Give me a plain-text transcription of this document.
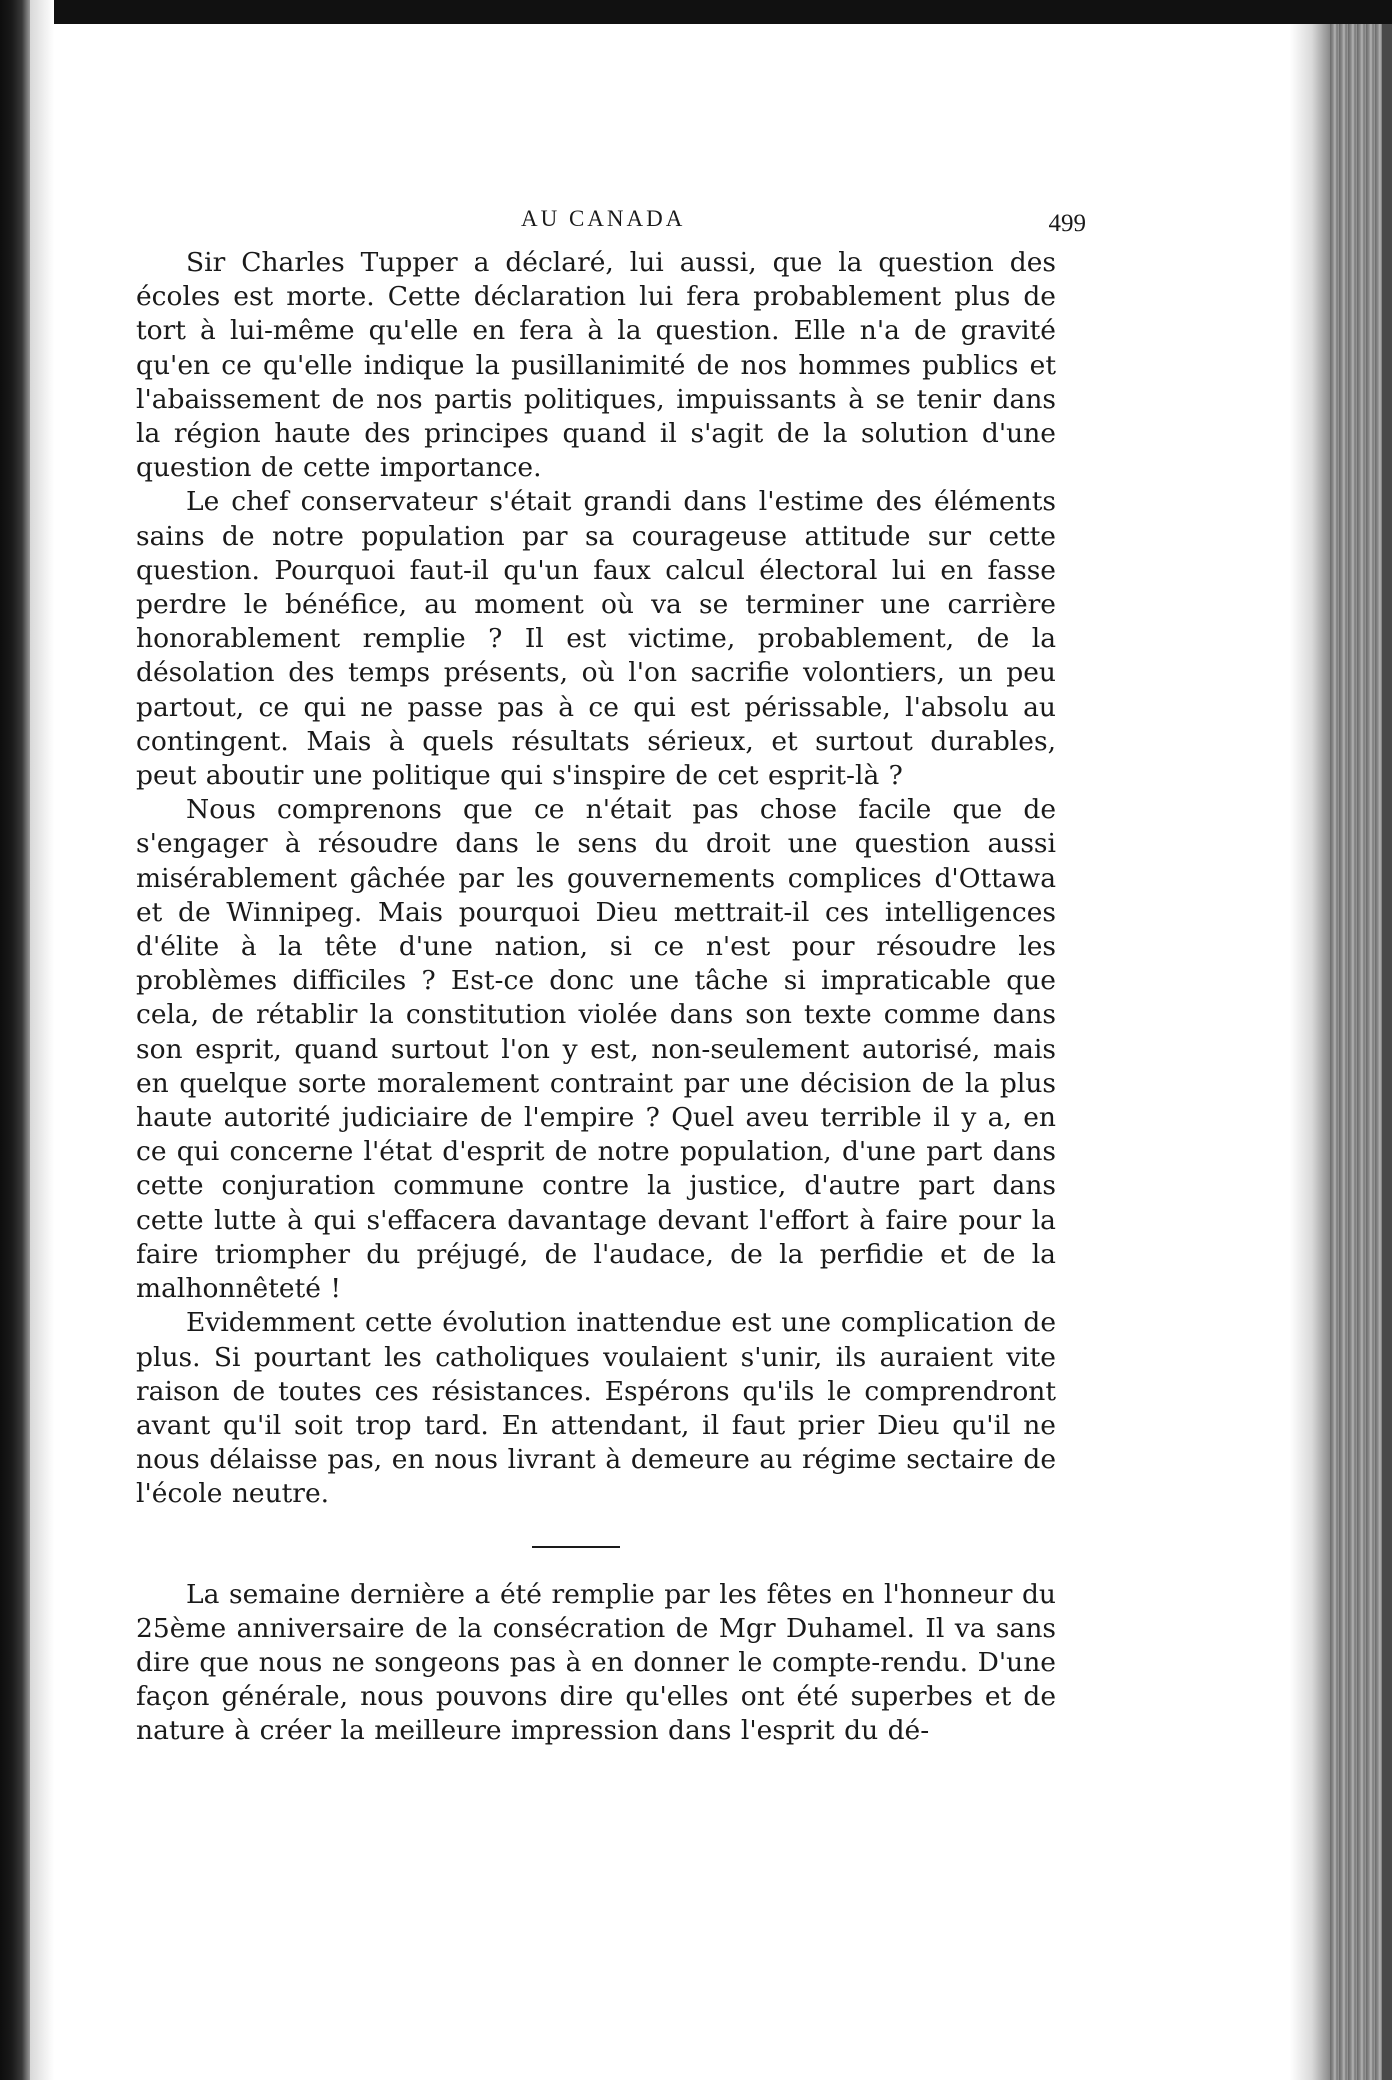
AU CANADA	499

Sir Charles Tupper a déclaré, lui aussi, que la question des écoles est morte. Cette déclaration lui fera probablement plus de tort à lui-même qu'elle en fera à la question. Elle n'a de gravité qu'en ce qu'elle indique la pusillanimité de nos hommes publics et l'abaissement de nos partis politiques, impuissants à se tenir dans la région haute des principes quand il s'agit de la solution d'une question de cette importance.

Le chef conservateur s'était grandi dans l'estime des éléments sains de notre population par sa courageuse attitude sur cette question. Pourquoi faut-il qu'un faux calcul électoral lui en fasse perdre le bénéfice, au moment où va se terminer une carrière honorablement remplie ? Il est victime, probablement, de la désolation des temps présents, où l'on sacrifie volontiers, un peu partout, ce qui ne passe pas à ce qui est périssable, l'absolu au contingent. Mais à quels résultats sérieux, et surtout durables, peut aboutir une politique qui s'inspire de cet esprit-là ?

Nous comprenons que ce n'était pas chose facile que de s'engager à résoudre dans le sens du droit une question aussi misérablement gâchée par les gouvernements complices d'Ottawa et de Winnipeg. Mais pourquoi Dieu mettrait-il ces intelligences d'élite à la tête d'une nation, si ce n'est pour résoudre les problèmes difficiles ? Est-ce donc une tâche si impraticable que cela, de rétablir la constitution violée dans son texte comme dans son esprit, quand surtout l'on y est, non-seulement autorisé, mais en quelque sorte moralement contraint par une décision de la plus haute autorité judiciaire de l'empire ? Quel aveu terrible il y a, en ce qui concerne l'état d'esprit de notre population, d'une part dans cette conjuration commune contre la justice, d'autre part dans cette lutte à qui s'effacera davantage devant l'effort à faire pour la faire triompher du préjugé, de l'audace, de la perfidie et de la malhonnêteté !

Evidemment cette évolution inattendue est une complication de plus. Si pourtant les catholiques voulaient s'unir, ils auraient vite raison de toutes ces résistances. Espérons qu'ils le comprendront avant qu'il soit trop tard. En attendant, il faut prier Dieu qu'il ne nous délaisse pas, en nous livrant à demeure au régime sectaire de l'école neutre.

La semaine dernière a été remplie par les fêtes en l'honneur du 25ème anniversaire de la consécration de Mgr Duhamel. Il va sans dire que nous ne songeons pas à en donner le compte-rendu. D'une façon générale, nous pouvons dire qu'elles ont été superbes et de nature à créer la meilleure impression dans l'esprit du dé-
